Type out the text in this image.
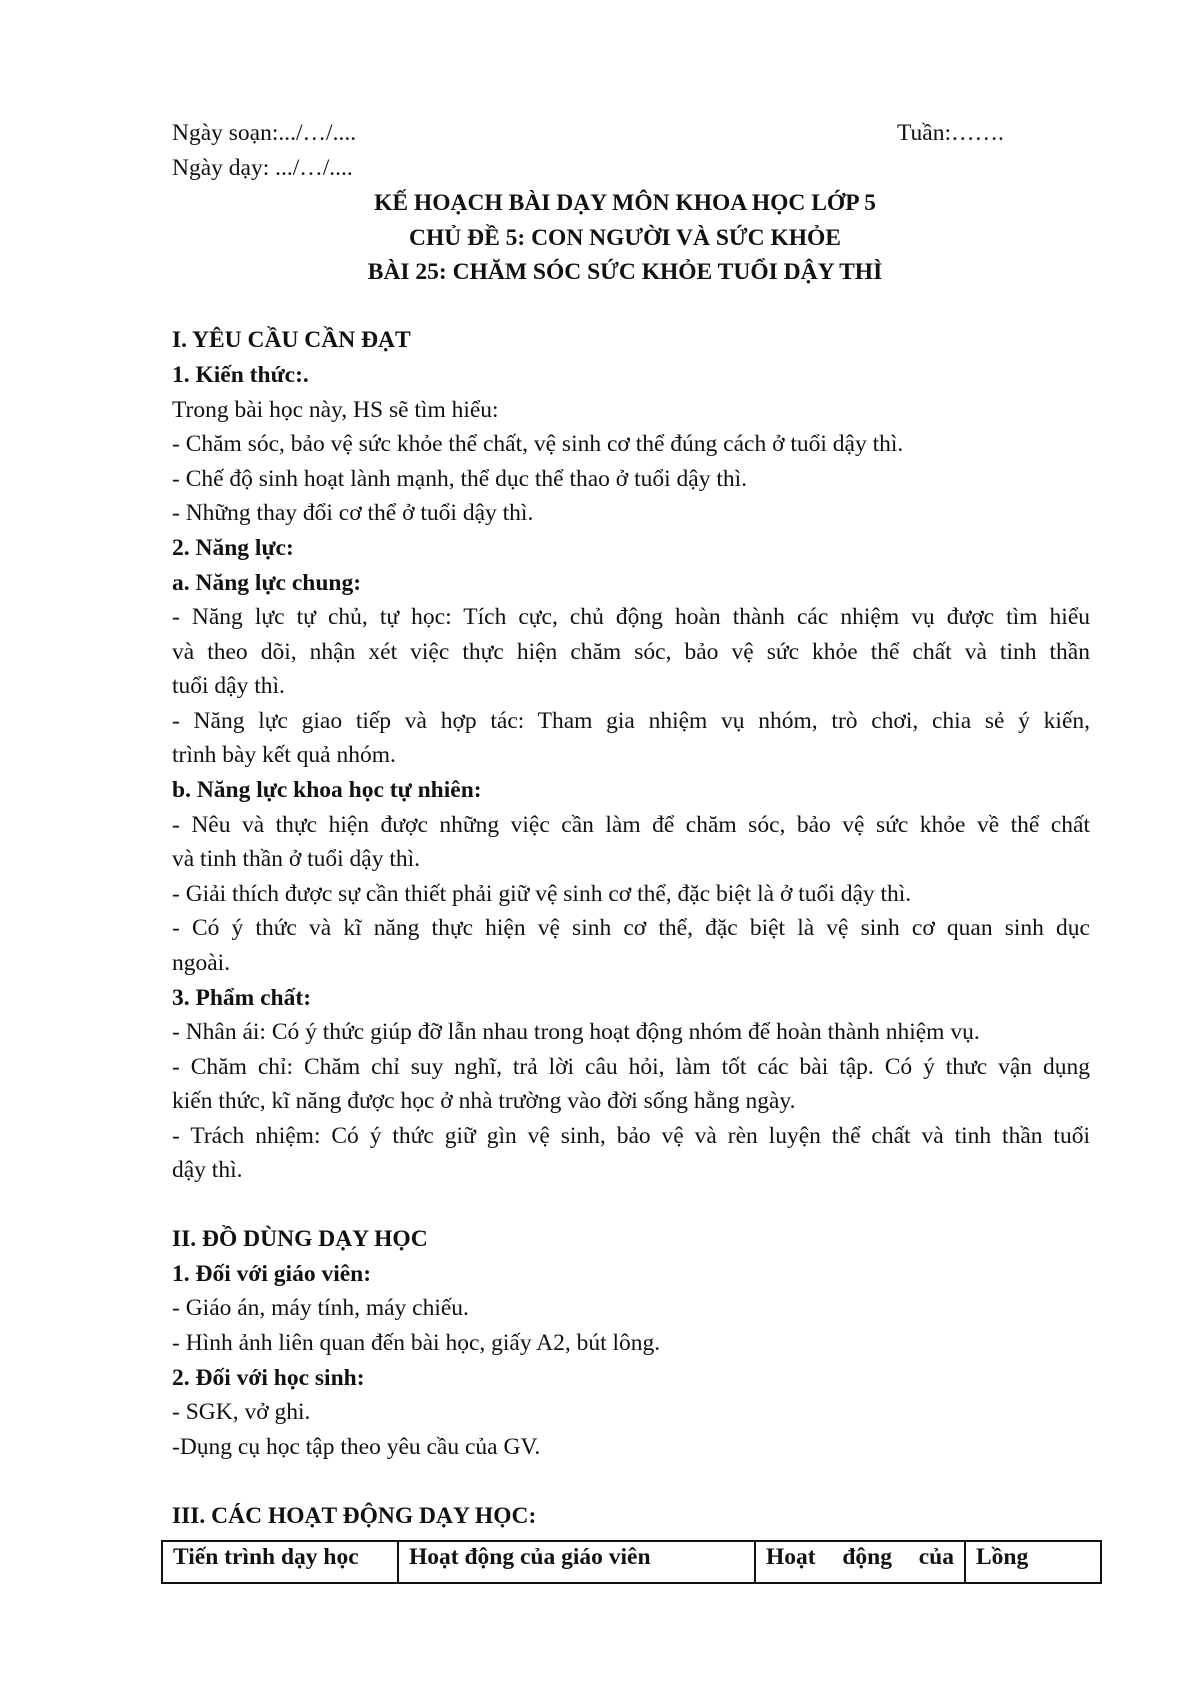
Ngày soạn:.../…/....	Tuần:…….
Ngày dạy: .../…/....
KẾ HOẠCH BÀI DẠY MÔN KHOA HỌC LỚP 5
CHỦ ĐỀ 5: CON NGƯỜI VÀ SỨC KHỎE
BÀI 25: CHĂM SÓC SỨC KHỎE TUỔI DẬY THÌ
I. YÊU CẦU CẦN ĐẠT
1. Kiến thức:.
Trong bài học này, HS sẽ tìm hiểu:
- Chăm sóc, bảo vệ sức khỏe thể chất, vệ sinh cơ thể đúng cách ở tuổi dậy thì.
- Chế độ sinh hoạt lành mạnh, thể dục thể thao ở tuổi dậy thì.
- Những thay đổi cơ thể ở tuổi dậy thì.
2. Năng lực:
a. Năng lực chung:
- Năng lực tự chủ, tự học: Tích cực, chủ động hoàn thành các nhiệm vụ được tìm hiểu
và theo dõi, nhận xét việc thực hiện chăm sóc, bảo vệ sức khỏe thể chất và tinh thần
tuổi dậy thì.
- Năng lực giao tiếp và hợp tác: Tham gia nhiệm vụ nhóm, trò chơi, chia sẻ ý kiến,
trình bày kết quả nhóm.
b. Năng lực khoa học tự nhiên:
- Nêu và thực hiện được những việc cần làm để chăm sóc, bảo vệ sức khỏe về thể chất
và tinh thần ở tuổi dậy thì.
- Giải thích được sự cần thiết phải giữ vệ sinh cơ thể, đặc biệt là ở tuổi dậy thì.
- Có ý thức và kĩ năng thực hiện vệ sinh cơ thể, đặc biệt là vệ sinh cơ quan sinh dục
ngoài.
3. Phẩm chất:
- Nhân ái: Có ý thức giúp đỡ lẫn nhau trong hoạt động nhóm để hoàn thành nhiệm vụ.
- Chăm chỉ: Chăm chỉ suy nghĩ, trả lời câu hỏi, làm tốt các bài tập. Có ý thưc vận dụng
kiến thức, kĩ năng được học ở nhà trường vào đời sống hằng ngày.
- Trách nhiệm: Có ý thức giữ gìn vệ sinh, bảo vệ và rèn luyện thể chất và tinh thần tuổi
dậy thì.
II. ĐỒ DÙNG DẠY HỌC
1. Đối với giáo viên:
- Giáo án, máy tính, máy chiếu.
- Hình ảnh liên quan đến bài học, giấy A2, bút lông.
2. Đối với học sinh:
- SGK, vở ghi.
-Dụng cụ học tập theo yêu cầu của GV.
III. CÁC HOẠT ĐỘNG DẠY HỌC:
Tiến trình dạy học	Hoạt động của giáo viên	Hoạt động của	Lồng
